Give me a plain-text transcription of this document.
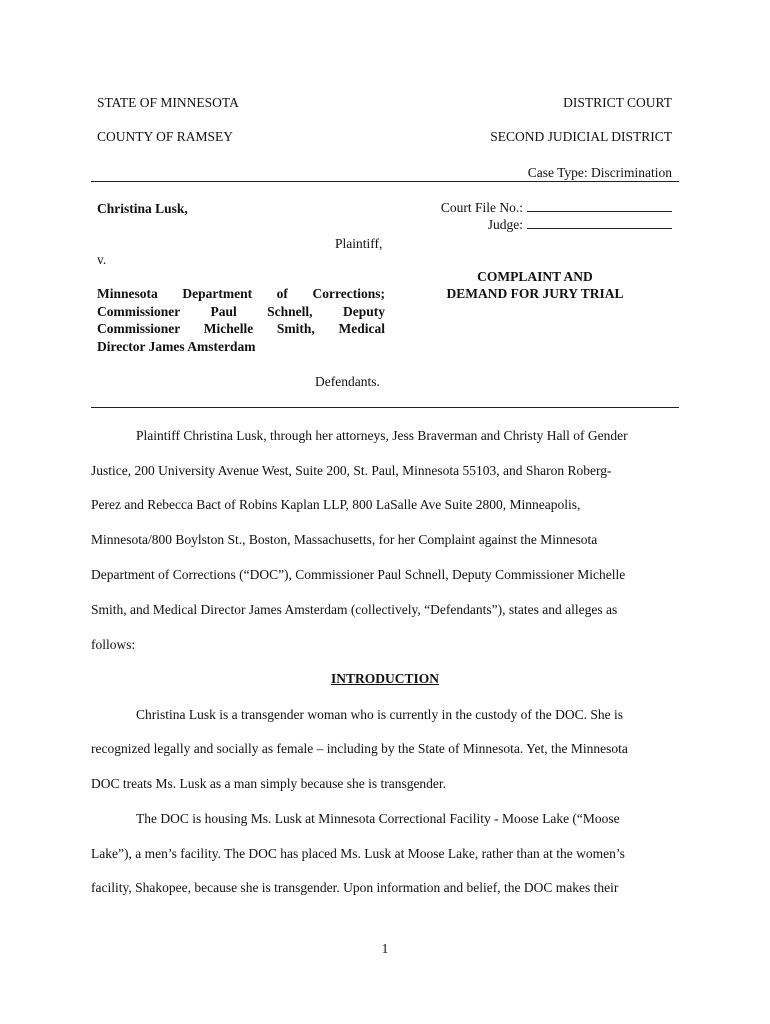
STATE OF MINNESOTA	DISTRICT COURT
COUNTY OF RAMSEY	SECOND JUDICIAL DISTRICT
Case Type: Discrimination
Christina Lusk,
Plaintiff,
v.
Minnesota Department of Corrections;
Commissioner Paul Schnell, Deputy
Commissioner Michelle Smith, Medical
Director James Amsterdam
Defendants.
Court File No.:
Judge:
COMPLAINT AND
DEMAND FOR JURY TRIAL
Plaintiff Christina Lusk, through her attorneys, Jess Braverman and Christy Hall of Gender
Justice, 200 University Avenue West, Suite 200, St. Paul, Minnesota 55103, and Sharon Roberg-
Perez and Rebecca Bact of Robins Kaplan LLP, 800 LaSalle Ave Suite 2800, Minneapolis,
Minnesota/800 Boylston St., Boston, Massachusetts, for her Complaint against the Minnesota
Department of Corrections (“DOC”), Commissioner Paul Schnell, Deputy Commissioner Michelle
Smith, and Medical Director James Amsterdam (collectively, “Defendants”), states and alleges as
follows:
INTRODUCTION
Christina Lusk is a transgender woman who is currently in the custody of the DOC. She is
recognized legally and socially as female – including by the State of Minnesota. Yet, the Minnesota
DOC treats Ms. Lusk as a man simply because she is transgender.
The DOC is housing Ms. Lusk at Minnesota Correctional Facility - Moose Lake (“Moose
Lake”), a men’s facility. The DOC has placed Ms. Lusk at Moose Lake, rather than at the women’s
facility, Shakopee, because she is transgender. Upon information and belief, the DOC makes their
1
